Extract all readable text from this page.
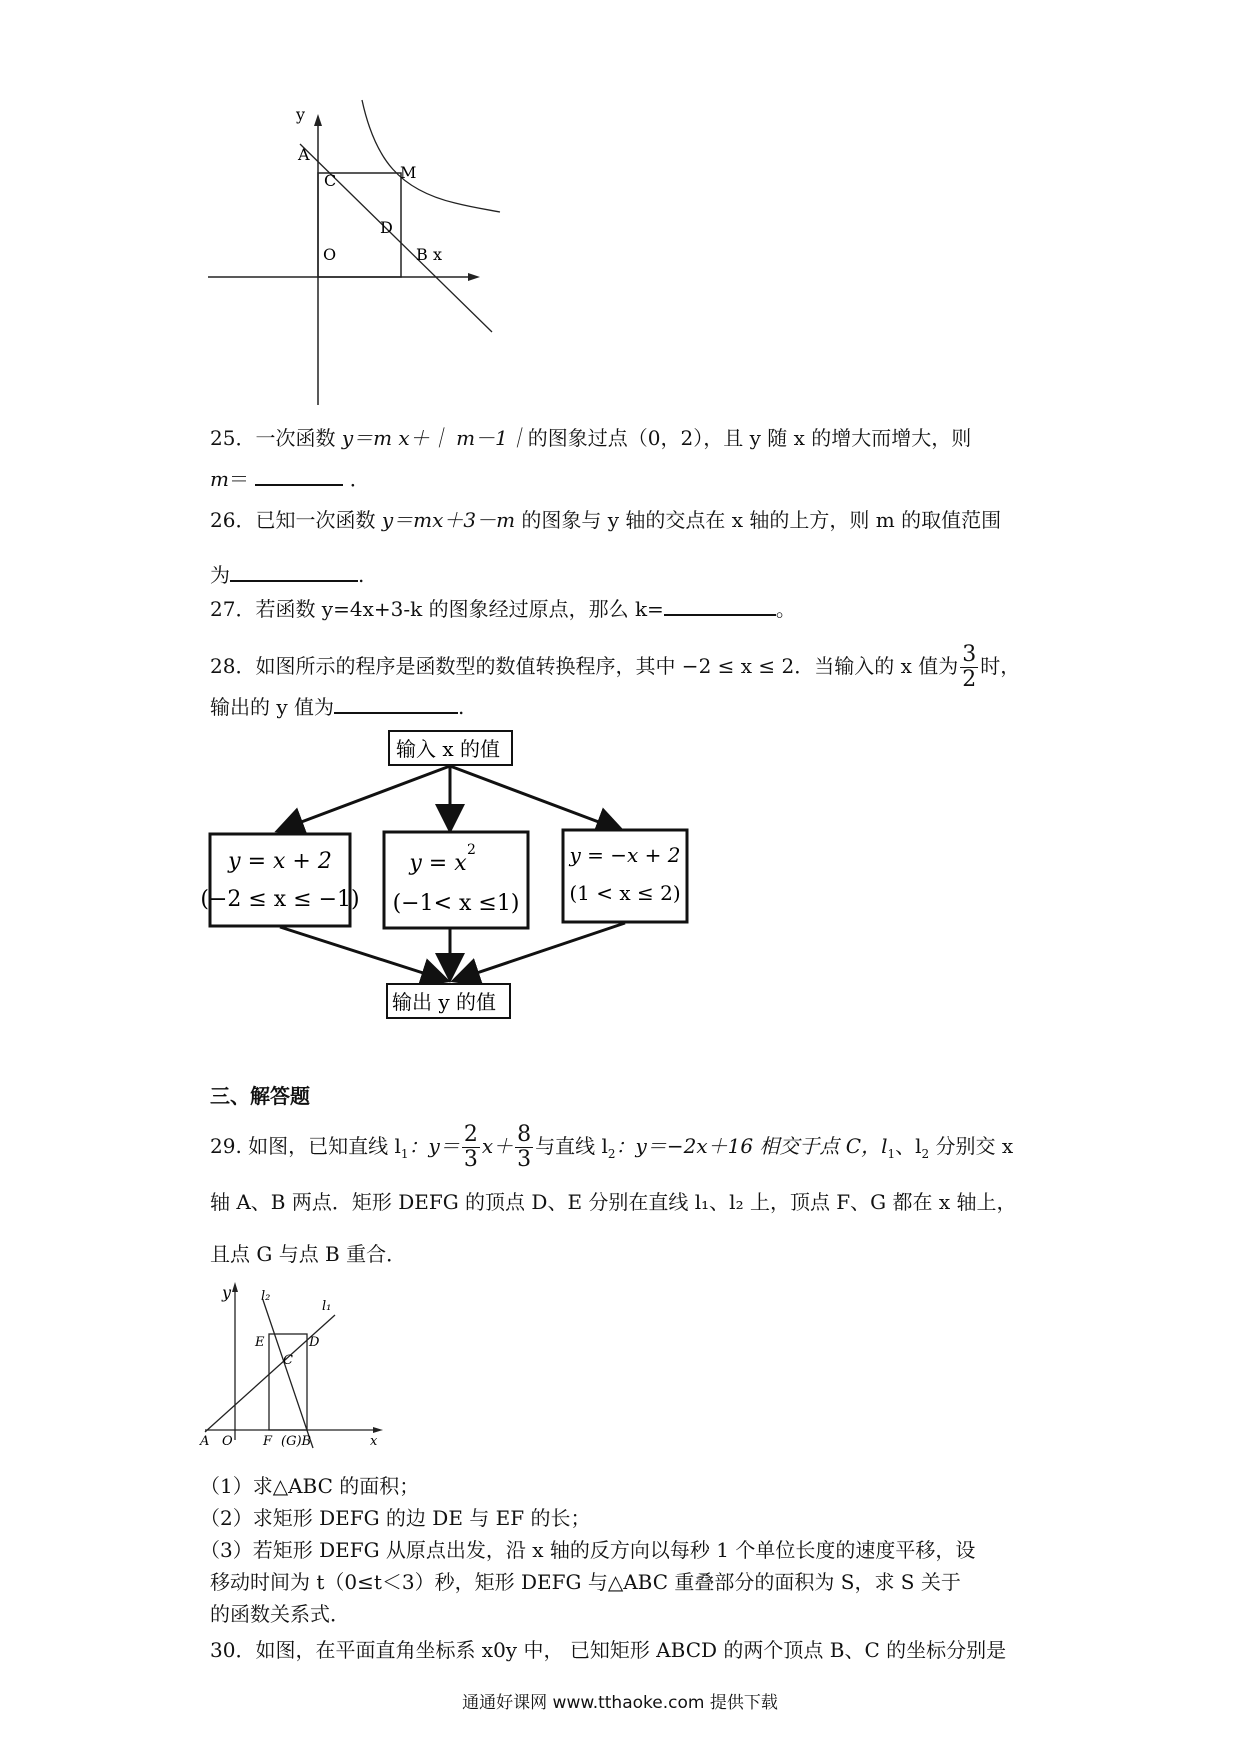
y
x
A
C	M
D
O	B
25．一次函数 y＝m x＋｜ m－1｜的图象过点（0，2），且 y 随 x 的增大而增大，则
m＝	．
26．已知一次函数 y＝mx＋3－m 的图象与 y 轴的交点在 x 轴的上方，则 m 的取值范围
为	.
27．若函数 y=4x+3-k 的图象经过原点，那么 k=	。
28．如图所示的程序是函数型的数值转换程序，其中 −2 ≤ x ≤ 2．当输入的 x 值为 $\frac{3}{2}$ 时，
输出的 y 值为	.
输入 x 的值
y = x + 2
(−2 ≤ x ≤ −1)
y = x
2
(−1< x ≤1)
y = −x + 2
(1 < x ≤ 2)
输出 y 的值
三、解答题
29. 如图，已知直线 $l_1$：$y= \frac{2}{3} x+ \frac{8}{3}$ 与直线 $l_2$：y＝−2x＋16 相交于点 C，$l_1$、$l_2$ 分别交 x
轴 A、B 两点．矩形 DEFG 的顶点 D、E 分别在直线 l₁、l₂ 上，顶点 F、G 都在 x 轴上，
且点 G 与点 B 重合．
y l₂
l₁
E	D
C
A O F (G)B	x
（1）求△ABC 的面积；
（2）求矩形 DEFG 的边 DE 与 EF 的长；
（3）若矩形 DEFG 从原点出发，沿 x 轴的反方向以每秒 1 个单位长度的速度平移，设
移动时间为 t（0≤t＜3）秒，矩形 DEFG 与△ABC 重叠部分的面积为 S，求 S 关于
的函数关系式．
30．如图，在平面直角坐标系 x0y 中， 已知矩形 ABCD 的两个顶点 B、C 的坐标分别是
通通好课网 www.tthaoke.com 提供下载
